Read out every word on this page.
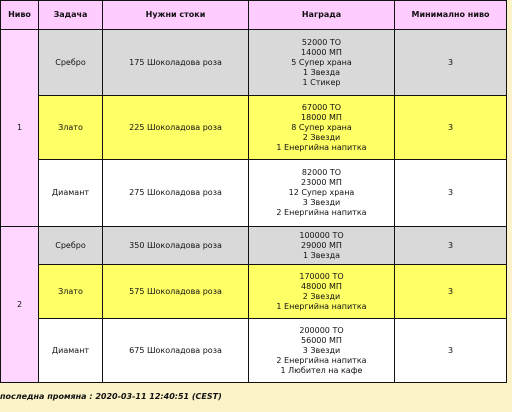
Ниво	Задача	Нужни стоки	Награда	Минимално ниво
1	Сребро	175 Шоколадова роза	52000 ТО
14000 МП
5 Супер храна
1 Звезда
1 Стикер	3
	Злато	225 Шоколадова роза	67000 ТО
18000 МП
8 Супер храна
2 Звезди
1 Енергийна напитка	3
	Диамант	275 Шоколадова роза	82000 ТО
23000 МП
12 Супер храна
3 Звезди
2 Енергийна напитка	3
2	Сребро	350 Шоколадова роза	100000 ТО
29000 МП
1 Звезда	3
	Злато	575 Шоколадова роза	170000 ТО
48000 МП
2 Звезди
1 Енергийна напитка	3
	Диамант	675 Шоколадова роза	200000 ТО
56000 МП
3 Звезди
2 Енергийна напитка
1 Любител на кафе	3
последна промяна : 2020-03-11 12:40:51 (CEST)
